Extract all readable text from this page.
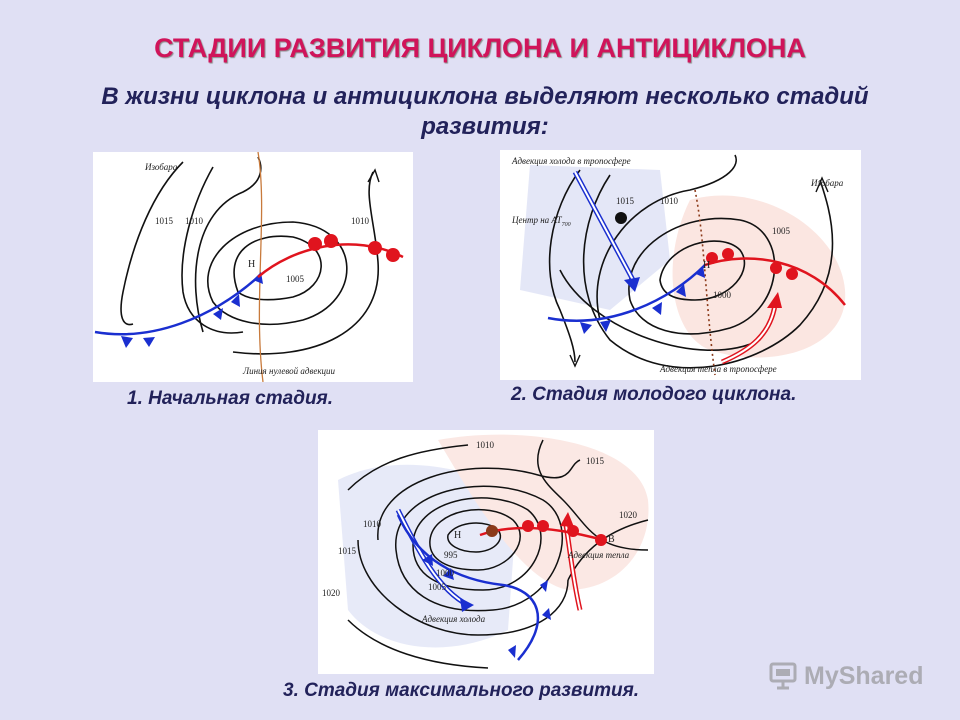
СТАДИИ РАЗВИТИЯ ЦИКЛОНА И АНТИЦИКЛОНА
В жизни циклона и антициклона выделяют несколько стадий развития:
Изобара
1015 1010	1010
1005
Н
Линия нулевой адвекции
1. Начальная стадия.
Адвекция холода в тропосфере
Центр на $АТ_{700}$
1015	1010
1005
1000
Н
Изобара
Адвекция тепла в тропосфере
2. Стадия молодого циклона.
1010
1015
1020
1010
1015
1020
995
1000
1005
Н	В
Адвекция тепла
Адвекция холода
3. Стадия максимального развития.
MyShared
